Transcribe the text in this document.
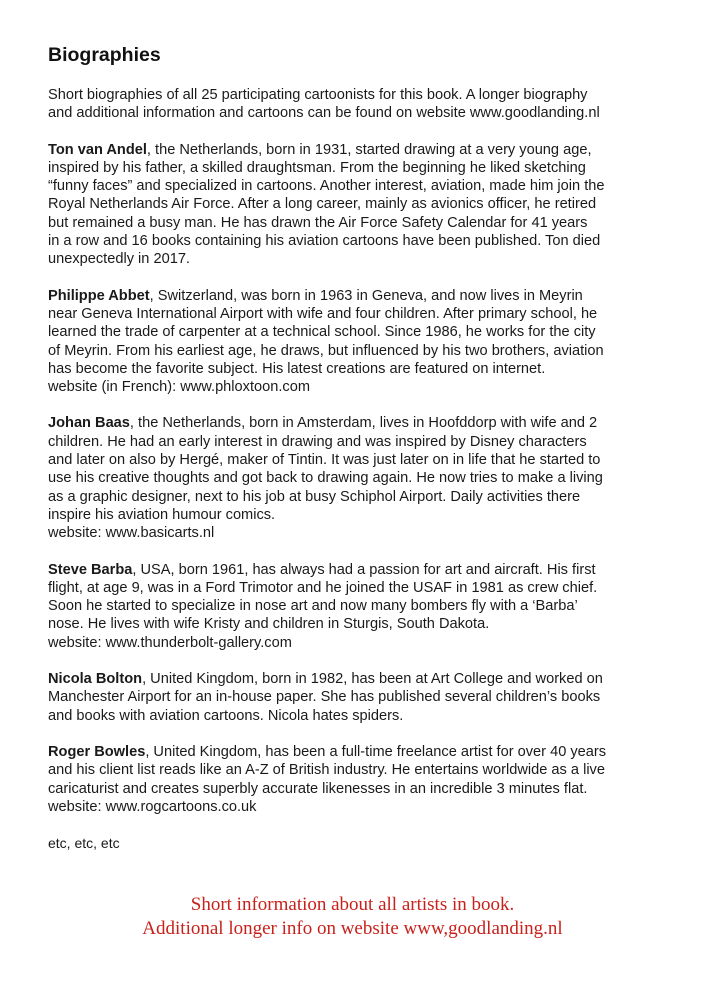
Biographies

Short biographies of all 25 participating cartoonists for this book. A longer biography
and additional information and cartoons can be found on website www.goodlanding.nl

Ton van Andel, the Netherlands, born in 1931, started drawing at a very young age,
inspired by his father, a skilled draughtsman. From the beginning he liked sketching
“funny faces” and specialized in cartoons. Another interest, aviation, made him join the
Royal Netherlands Air Force. After a long career, mainly as avionics officer, he retired
but remained a busy man. He has drawn the Air Force Safety Calendar for 41 years
in a row and 16 books containing his aviation cartoons have been published. Ton died
unexpectedly in 2017.

Philippe Abbet, Switzerland, was born in 1963 in Geneva, and now lives in Meyrin
near Geneva International Airport with wife and four children. After primary school, he
learned the trade of carpenter at a technical school. Since 1986, he works for the city
of Meyrin. From his earliest age, he draws, but influenced by his two brothers, aviation
has become the favorite subject. His latest creations are featured on internet.
website (in French): www.phloxtoon.com

Johan Baas, the Netherlands, born in Amsterdam, lives in Hoofddorp with wife and 2
children. He had an early interest in drawing and was inspired by Disney characters
and later on also by Hergé, maker of Tintin. It was just later on in life that he started to
use his creative thoughts and got back to drawing again. He now tries to make a living
as a graphic designer, next to his job at busy Schiphol Airport. Daily activities there
inspire his aviation humour comics.
website: www.basicarts.nl

Steve Barba, USA, born 1961, has always had a passion for art and aircraft. His first
flight, at age 9, was in a Ford Trimotor and he joined the USAF in 1981 as crew chief.
Soon he started to specialize in nose art and now many bombers fly with a ‘Barba’
nose. He lives with wife Kristy and children in Sturgis, South Dakota.
website: www.thunderbolt-gallery.com

Nicola Bolton, United Kingdom, born in 1982, has been at Art College and worked on
Manchester Airport for an in-house paper. She has published several children’s books
and books with aviation cartoons. Nicola hates spiders.

Roger Bowles, United Kingdom, has been a full-time freelance artist for over 40 years
and his client list reads like an A-Z of British industry. He entertains worldwide as a live
caricaturist and creates superbly accurate likenesses in an incredible 3 minutes flat.
website: www.rogcartoons.co.uk

etc, etc, etc

Short information about all artists in book.
Additional longer info on website www,goodlanding.nl
